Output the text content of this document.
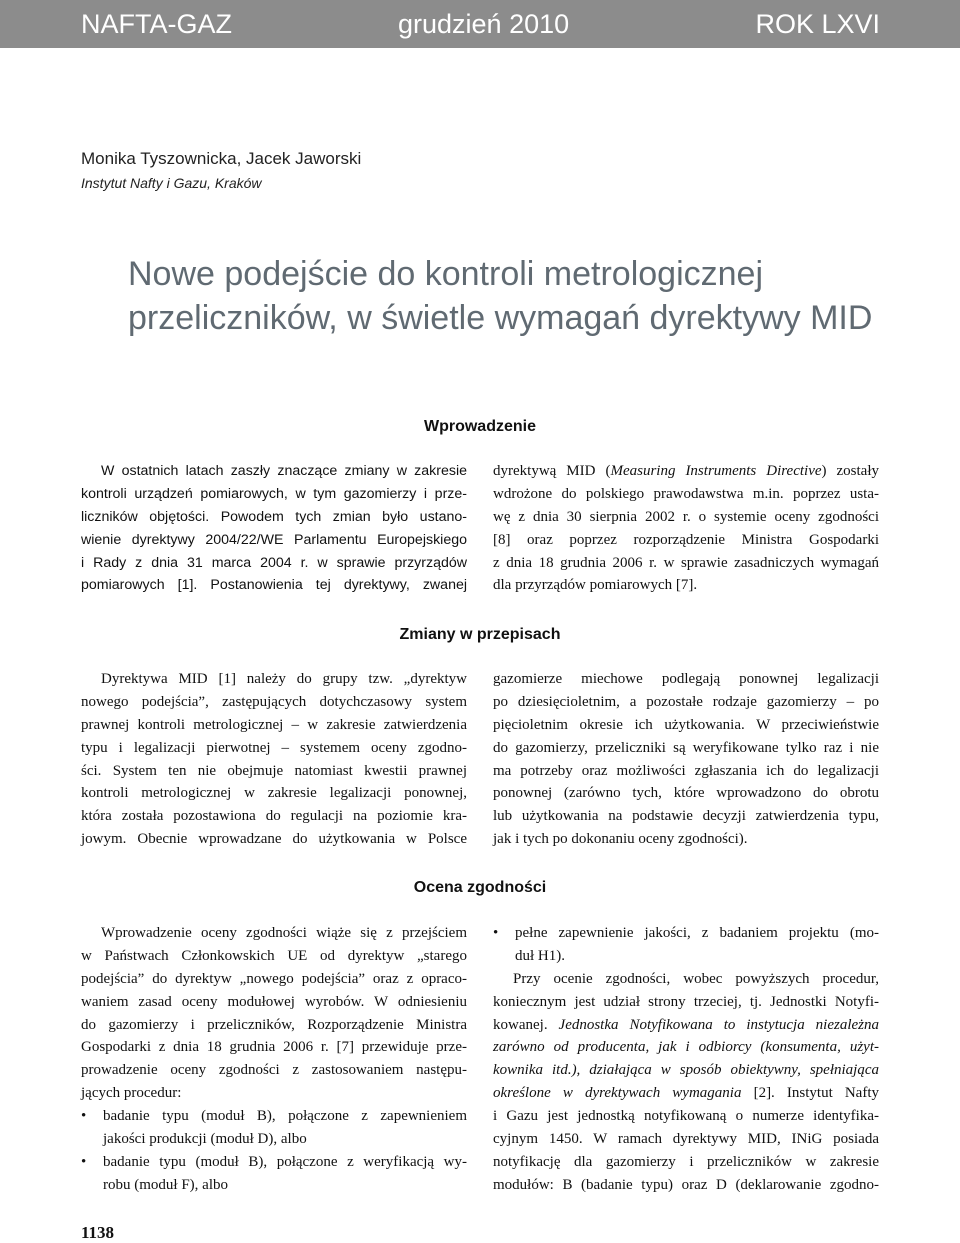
NAFTA-GAZ	grudzień 2010	ROK LXVI
Monika Tyszownicka, Jacek Jaworski
Instytut Nafty i Gazu, Kraków
Nowe podejście do kontroli metrologicznej
przeliczników, w świetle wymagań dyrektywy MID
Wprowadzenie
W ostatnich latach zaszły znaczące zmiany w zakresie
kontroli urządzeń pomiarowych, w tym gazomierzy i prze-
liczników objętości. Powodem tych zmian było ustano-
wienie dyrektywy 2004/22/WE Parlamentu Europejskiego
i Rady z dnia 31 marca 2004 r. w sprawie przyrządów
pomiarowych [1]. Postanowienia tej dyrektywy, zwanej
dyrektywą MID (Measuring Instruments Directive) zostały
wdrożone do polskiego prawodawstwa m.in. poprzez usta-
wę z dnia 30 sierpnia 2002 r. o systemie oceny zgodności
[8] oraz poprzez rozporządzenie Ministra Gospodarki
z dnia 18 grudnia 2006 r. w sprawie zasadniczych wymagań
dla przyrządów pomiarowych [7].
Zmiany w przepisach
Dyrektywa MID [1] należy do grupy tzw. „dyrektyw
nowego podejścia”, zastępujących dotychczasowy system
prawnej kontroli metrologicznej – w zakresie zatwierdzenia
typu i legalizacji pierwotnej – systemem oceny zgodno-
ści. System ten nie obejmuje natomiast kwestii prawnej
kontroli metrologicznej w zakresie legalizacji ponownej,
która została pozostawiona do regulacji na poziomie kra-
jowym. Obecnie wprowadzane do użytkowania w Polsce
gazomierze miechowe podlegają ponownej legalizacji
po dziesięcioletnim, a pozostałe rodzaje gazomierzy – po
pięcioletnim okresie ich użytkowania. W przeciwieństwie
do gazomierzy, przeliczniki są weryfikowane tylko raz i nie
ma potrzeby oraz możliwości zgłaszania ich do legalizacji
ponownej (zarówno tych, które wprowadzono do obrotu
lub użytkowania na podstawie decyzji zatwierdzenia typu,
jak i tych po dokonaniu oceny zgodności).
Ocena zgodności
Wprowadzenie oceny zgodności wiąże się z przejściem
w Państwach Członkowskich UE od dyrektyw „starego
podejścia” do dyrektyw „nowego podejścia” oraz z opraco-
waniem zasad oceny modułowej wyrobów. W odniesieniu
do gazomierzy i przeliczników, Rozporządzenie Ministra
Gospodarki z dnia 18 grudnia 2006 r. [7] przewiduje prze-
prowadzenie oceny zgodności z zastosowaniem następu-
jących procedur:
• badanie typu (moduł B), połączone z zapewnieniem
jakości produkcji (moduł D), albo
• badanie typu (moduł B), połączone z weryfikacją wy-
robu (moduł F), albo
• pełne zapewnienie jakości, z badaniem projektu (mo-
duł H1).
Przy ocenie zgodności, wobec powyższych procedur,
koniecznym jest udział strony trzeciej, tj. Jednostki Notyfi-
kowanej. Jednostka Notyfikowana to instytucja niezależna
zarówno od producenta, jak i odbiorcy (konsumenta, użyt-
kownika itd.), działająca w sposób obiektywny, spełniająca
określone w dyrektywach wymagania [2]. Instytut Nafty
i Gazu jest jednostką notyfikowaną o numerze identyfika-
cyjnym 1450. W ramach dyrektywy MID, INiG posiada
notyfikację dla gazomierzy i przeliczników w zakresie
modułów: B (badanie typu) oraz D (deklarowanie zgodno-
1138
